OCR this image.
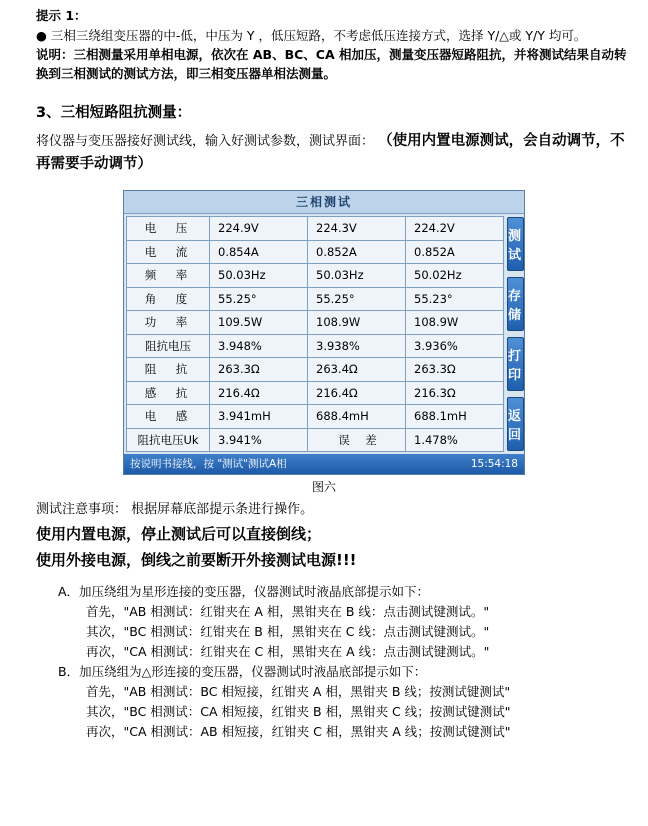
提示 1：
● 三相三绕组变压器的中-低，中压为 Y ，低压短路，不考虑低压连接方式，选择 Y/△或 Y/Y 均可。
说明：三相测量采用单相电源，依次在 AB、BC、CA 相加压，测量变压器短路阻抗，并将测试结果自动转换到三相测试的测试方法，即三相变压器单相法测量。
3、三相短路阻抗测量：
将仪器与变压器接好测试线，输入好测试参数，测试界面： （使用内置电源测试，会自动调节，不再需要手动调节）
三相测试
电　压	224.9V	224.3V	224.2V
电　流	0.854A	0.852A	0.852A
频　率	50.03Hz	50.03Hz	50.02Hz
角　度	55.25°	55.25°	55.23°
功　率	109.5W	108.9W	108.9W
阻抗电压	3.948%	3.938%	3.936%
阻　抗	263.3Ω	263.4Ω	263.3Ω
感　抗	216.4Ω	216.4Ω	216.3Ω
电　感	3.941mH	688.4mH	688.1mH
阻抗电压Uk	3.941%	误　差	1.478%
测试
存储
打印
返回
按说明书接线，按 "测试"测试A相	15:54:18
图六
测试注意事项： 根据屏幕底部提示条进行操作。
使用内置电源，停止测试后可以直接倒线；
使用外接电源，倒线之前要断开外接测试电源!!!
A．加压绕组为星形连接的变压器，仪器测试时液晶底部提示如下：
首先，"AB 相测试：红钳夹在 A 相，黑钳夹在 B 线：点击测试键测试。"
其次，"BC 相测试：红钳夹在 B 相，黑钳夹在 C 线：点击测试键测试。"
再次，"CA 相测试：红钳夹在 C 相，黑钳夹在 A 线：点击测试键测试。"
B．加压绕组为△形连接的变压器，仪器测试时液晶底部提示如下：
首先，"AB 相测试：BC 相短接，红钳夹 A 相，黑钳夹 B 线；按测试键测试"
其次，"BC 相测试：CA 相短接，红钳夹 B 相，黑钳夹 C 线；按测试键测试"
再次，"CA 相测试：AB 相短接，红钳夹 C 相，黑钳夹 A 线；按测试键测试"
